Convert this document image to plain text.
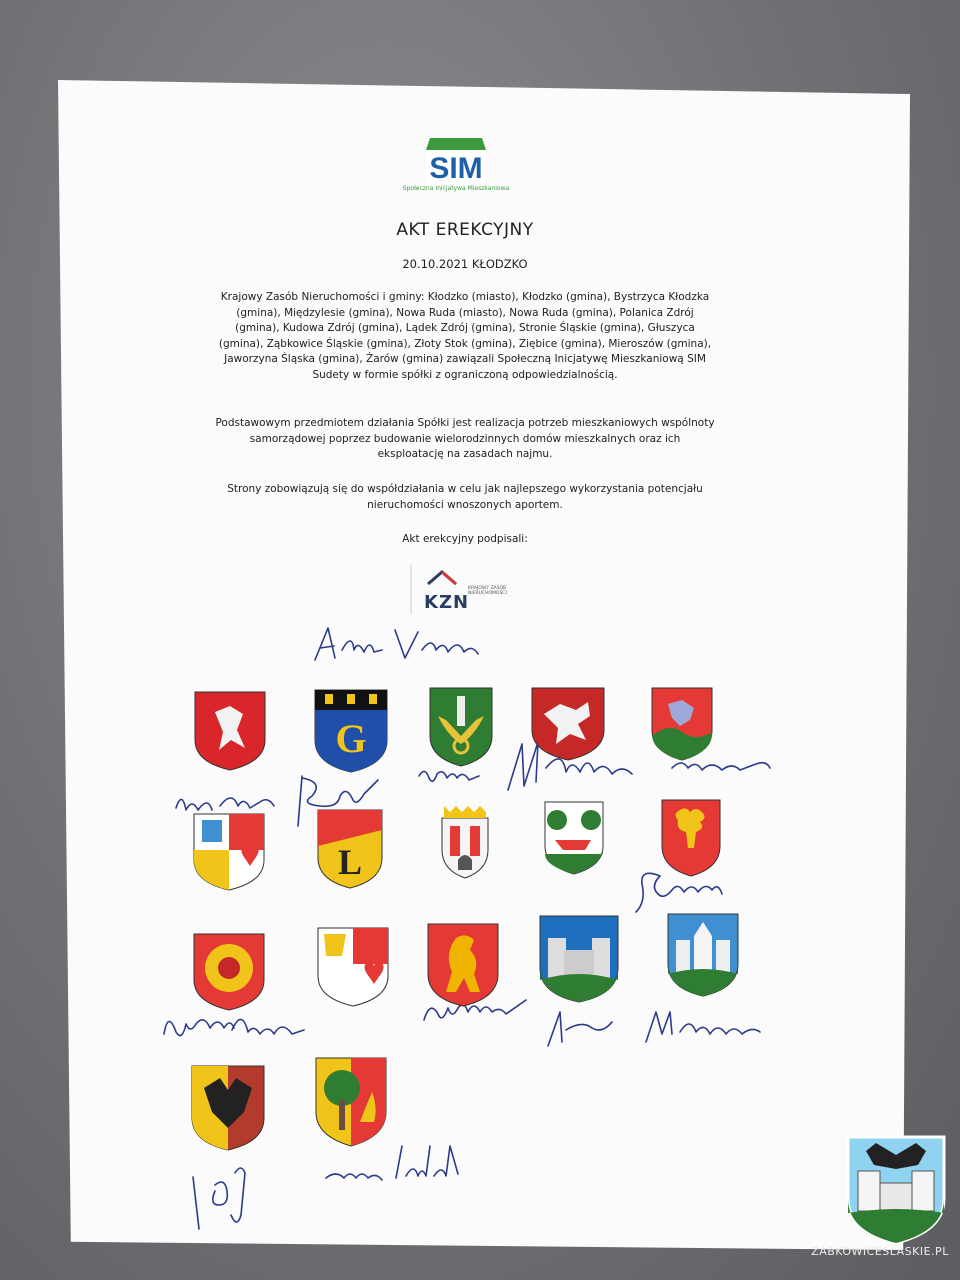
SIM
Społeczna Inicjatywa Mieszkaniowa
AKT EREKCYJNY
20.10.2021 KŁODZKO
Krajowy Zasób Nieruchomości i gminy: Kłodzko (miasto), Kłodzko (gmina), Bystrzyca Kłodzka (gmina), Międzylesie (gmina), Nowa Ruda (miasto), Nowa Ruda (gmina), Polanica Zdrój (gmina), Kudowa Zdrój (gmina), Lądek Zdrój (gmina), Stronie Śląskie (gmina), Głuszyca (gmina), Ząbkowice Śląskie (gmina), Złoty Stok (gmina), Ziębice (gmina), Mieroszów (gmina), Jaworzyna Śląska (gmina), Żarów (gmina) zawiązali Społeczną Inicjatywę Mieszkaniową SIM Sudety w formie spółki z ograniczoną odpowiedzialnością.
Podstawowym przedmiotem działania Spółki jest realizacja potrzeb mieszkaniowych wspólnoty samorządowej poprzez budowanie wielorodzinnych domów mieszkalnych oraz ich eksploatację na zasadach najmu.
Strony zobowiązują się do współdziałania w celu jak najlepszego wykorzystania potencjału nieruchomości wnoszonych aportem.
Akt erekcyjny podpisali:
KZN
KRAJOWY ZASÓB NIERUCHOMOŚCI
G
L
ZABKOWICESLASKIE.PL
